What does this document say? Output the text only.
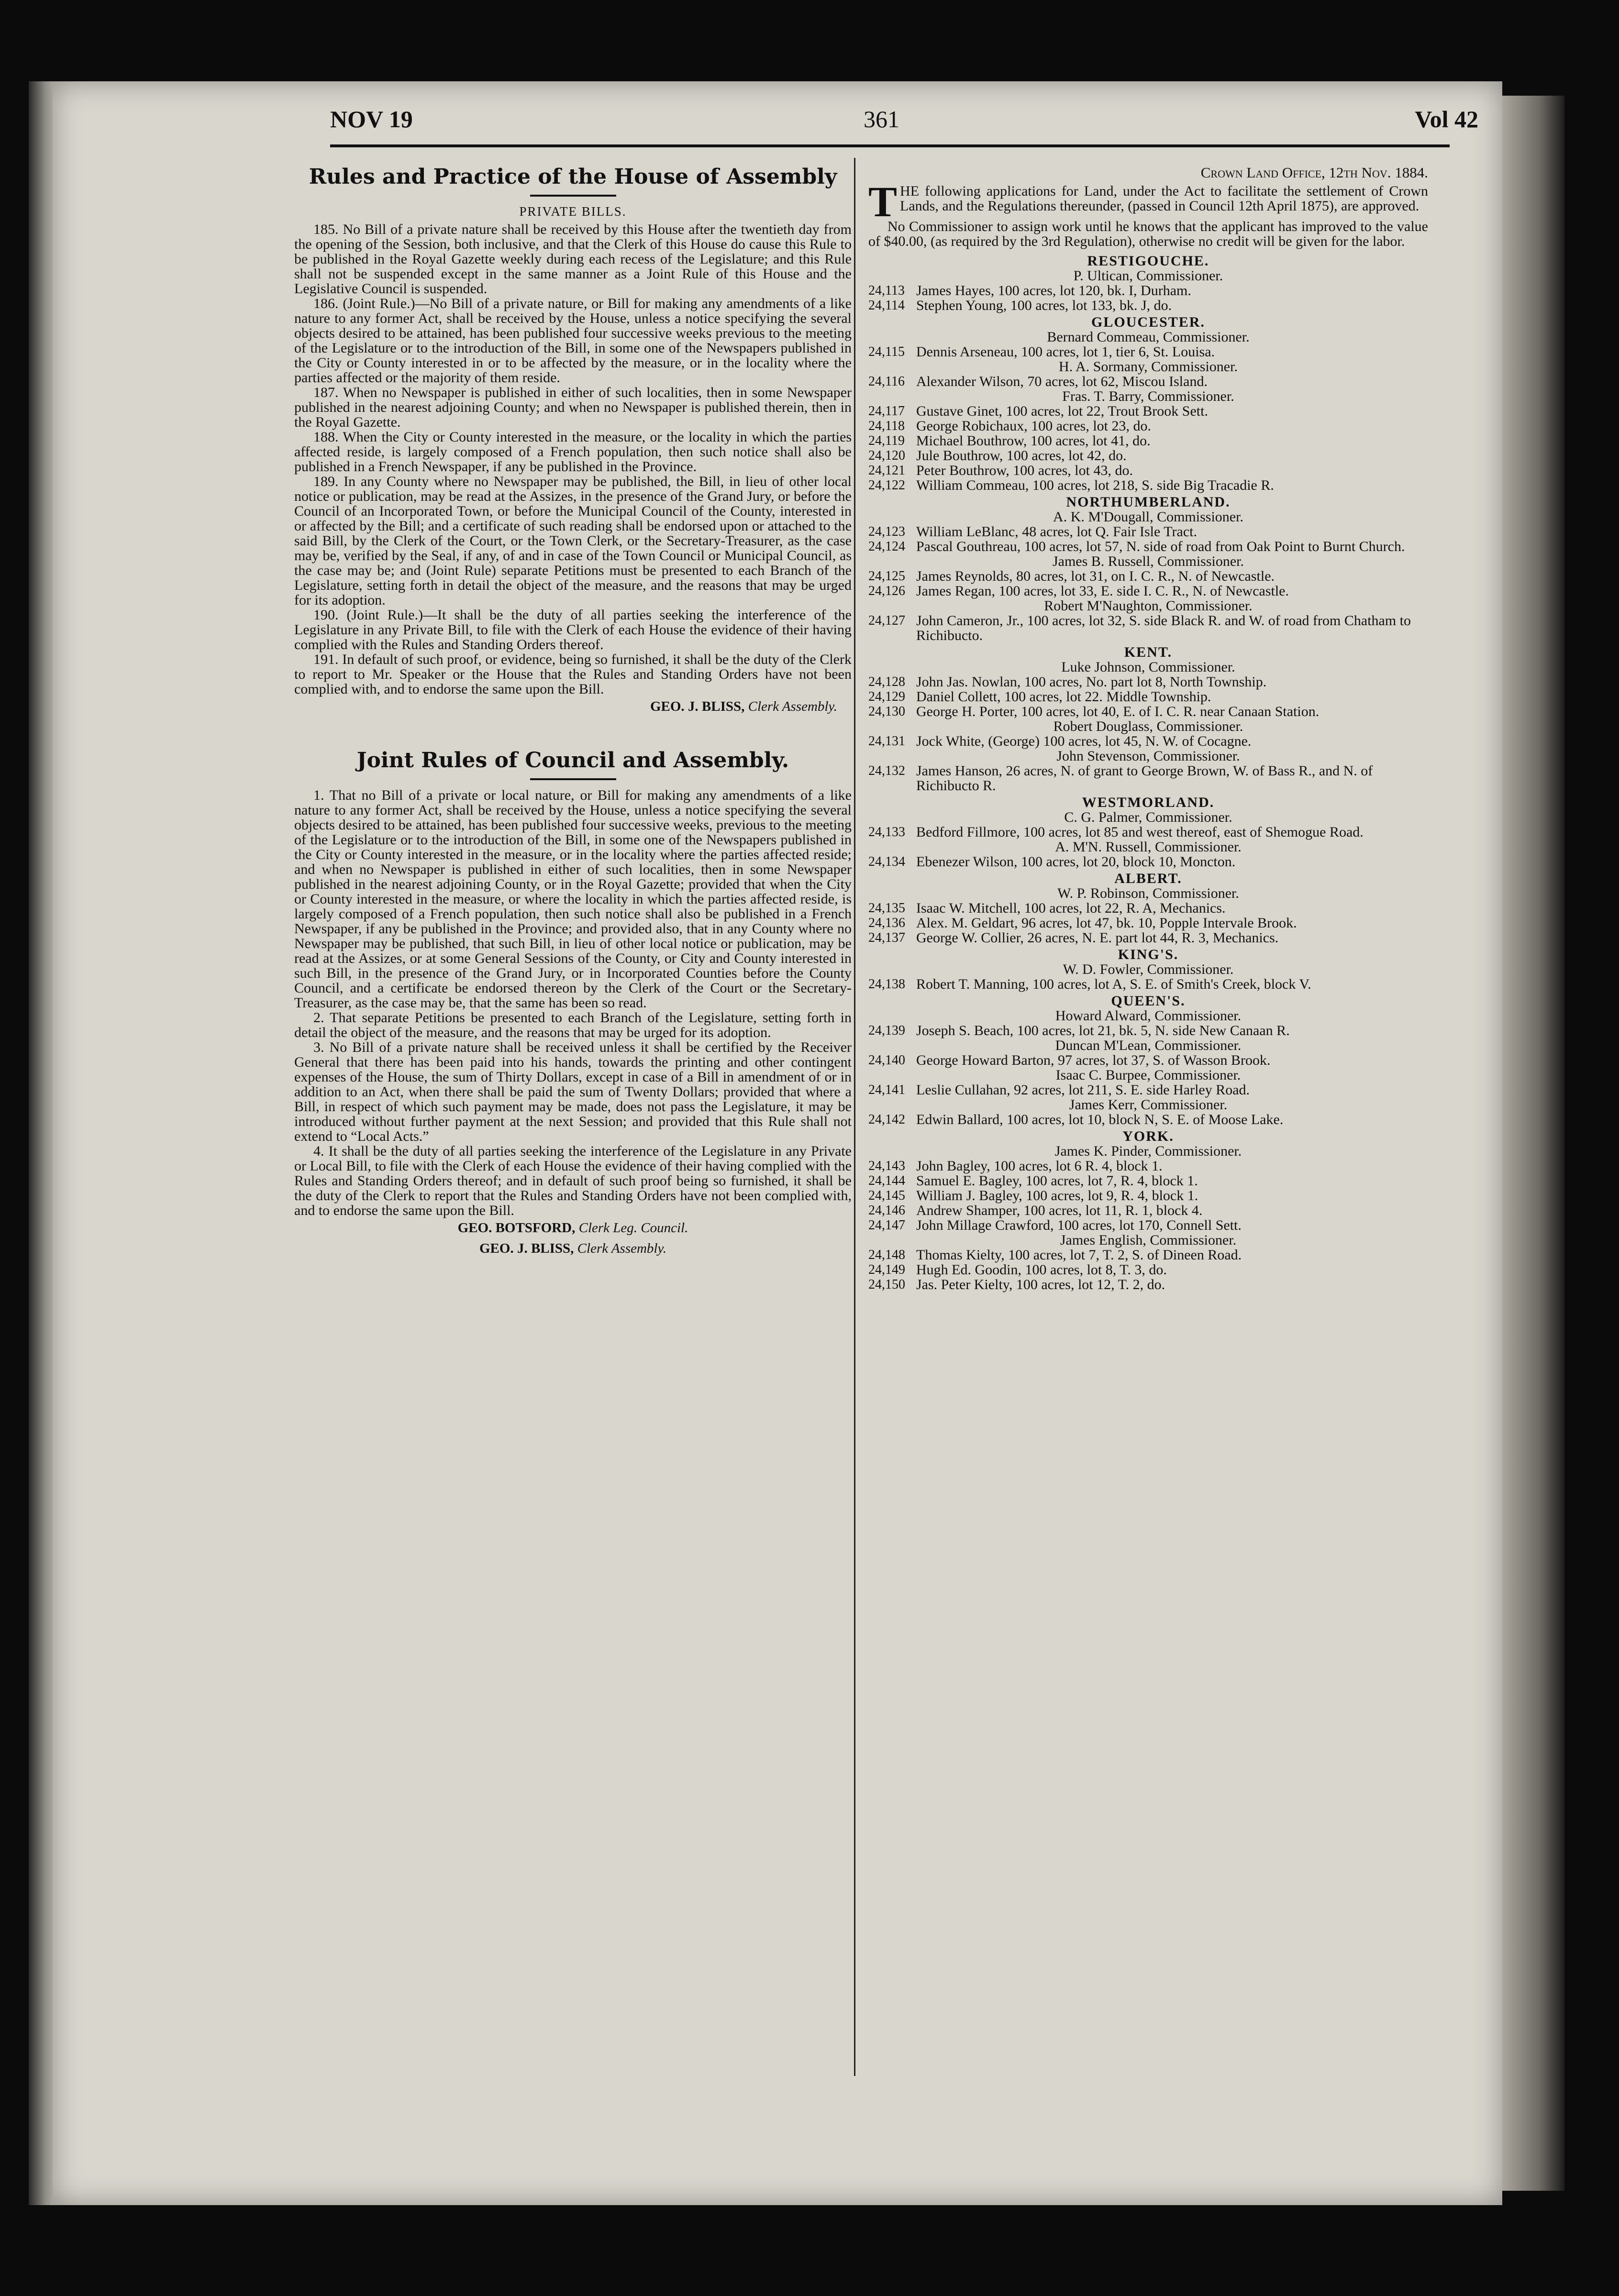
NOV 19	361	Vol 42
Rules and Practice of the House of Assembly
PRIVATE BILLS.

185. No Bill of a private nature shall be received by this House after the twentieth day from the opening of the Session, both inclusive, and that the Clerk of this House do cause this Rule to be published in the Royal Gazette weekly during each recess of the Legislature; and this Rule shall not be suspended except in the same manner as a Joint Rule of this House and the Legislative Council is suspended.

186. (Joint Rule.)—No Bill of a private nature, or Bill for making any amendments of a like nature to any former Act, shall be received by the House, unless a notice specifying the several objects desired to be attained, has been published four successive weeks previous to the meeting of the Legislature or to the introduction of the Bill, in some one of the Newspapers published in the City or County interested in or to be affected by the measure, or in the locality where the parties affected or the majority of them reside.

187. When no Newspaper is published in either of such localities, then in some Newspaper published in the nearest adjoining County; and when no Newspaper is published therein, then in the Royal Gazette.

188. When the City or County interested in the measure, or the locality in which the parties affected reside, is largely composed of a French population, then such notice shall also be published in a French Newspaper, if any be published in the Province.

189. In any County where no Newspaper may be published, the Bill, in lieu of other local notice or publication, may be read at the Assizes, in the presence of the Grand Jury, or before the Council of an Incorporated Town, or before the Municipal Council of the County, interested in or affected by the Bill; and a certificate of such reading shall be endorsed upon or attached to the said Bill, by the Clerk of the Court, or the Town Clerk, or the Secretary-Treasurer, as the case may be, verified by the Seal, if any, of and in case of the Town Council or Municipal Council, as the case may be; and (Joint Rule) separate Petitions must be presented to each Branch of the Legislature, setting forth in detail the object of the measure, and the reasons that may be urged for its adoption.

190. (Joint Rule.)—It shall be the duty of all parties seeking the interference of the Legislature in any Private Bill, to file with the Clerk of each House the evidence of their having complied with the Rules and Standing Orders thereof.

191. In default of such proof, or evidence, being so furnished, it shall be the duty of the Clerk to report to Mr. Speaker or the House that the Rules and Standing Orders have not been complied with, and to endorse the same upon the Bill.

GEO. J. BLISS, Clerk Assembly.
Joint Rules of Council and Assembly.

1. That no Bill of a private or local nature, or Bill for making any amendments of a like nature to any former Act, shall be received by the House, unless a notice specifying the several objects desired to be attained, has been published four successive weeks, previous to the meeting of the Legislature or to the introduction of the Bill, in some one of the Newspapers published in the City or County interested in the measure, or in the locality where the parties affected reside; and when no Newspaper is published in either of such localities, then in some Newspaper published in the nearest adjoining County, or in the Royal Gazette; provided that when the City or County interested in the measure, or where the locality in which the parties affected reside, is largely composed of a French population, then such notice shall also be published in a French Newspaper, if any be published in the Province; and provided also, that in any County where no Newspaper may be published, that such Bill, in lieu of other local notice or publication, may be read at the Assizes, or at some General Sessions of the County, or City and County interested in such Bill, in the presence of the Grand Jury, or in Incorporated Counties before the County Council, and a certificate be endorsed thereon by the Clerk of the Court or the Secretary-Treasurer, as the case may be, that the same has been so read.

2. That separate Petitions be presented to each Branch of the Legislature, setting forth in detail the object of the measure, and the reasons that may be urged for its adoption.

3. No Bill of a private nature shall be received unless it shall be certified by the Receiver General that there has been paid into his hands, towards the printing and other contingent expenses of the House, the sum of Thirty Dollars, except in case of a Bill in amendment of or in addition to an Act, when there shall be paid the sum of Twenty Dollars; provided that where a Bill, in respect of which such payment may be made, does not pass the Legislature, it may be introduced without further payment at the next Session; and provided that this Rule shall not extend to “Local Acts.”

4. It shall be the duty of all parties seeking the interference of the Legislature in any Private or Local Bill, to file with the Clerk of each House the evidence of their having complied with the Rules and Standing Orders thereof; and in default of such proof being so furnished, it shall be the duty of the Clerk to report that the Rules and Standing Orders have not been complied with, and to endorse the same upon the Bill.

GEO. BOTSFORD, Clerk Leg. Council.
GEO. J. BLISS, Clerk Assembly.
Crown Land Office, 12th Nov. 1884.
T HE following applications for Land, under the Act to facilitate the settlement of Crown Lands, and the Regulations thereunder, (passed in Council 12th April 1875), are approved.

No Commissioner to assign work until he knows that the applicant has improved to the value of $40.00, (as required by the 3rd Regulation), otherwise no credit will be given for the labor.

RESTIGOUCHE.
P. Ultican, Commissioner.
24,113 James Hayes, 100 acres, lot 120, bk. I, Durham.
24,114 Stephen Young, 100 acres, lot 133, bk. J, do.
GLOUCESTER.
Bernard Commeau, Commissioner.
24,115 Dennis Arseneau, 100 acres, lot 1, tier 6, St. Louisa.
H. A. Sormany, Commissioner.
24,116 Alexander Wilson, 70 acres, lot 62, Miscou Island.
Fras. T. Barry, Commissioner.
24,117 Gustave Ginet, 100 acres, lot 22, Trout Brook Sett.
24,118 George Robichaux, 100 acres, lot 23, do.
24,119 Michael Bouthrow, 100 acres, lot 41, do.
24,120 Jule Bouthrow, 100 acres, lot 42, do.
24,121 Peter Bouthrow, 100 acres, lot 43, do.
24,122 William Commeau, 100 acres, lot 218, S. side Big Tracadie R.
NORTHUMBERLAND.
A. K. M'Dougall, Commissioner.
24,123 William LeBlanc, 48 acres, lot Q. Fair Isle Tract.
24,124 Pascal Gouthreau, 100 acres, lot 57, N. side of road from Oak Point to Burnt Church.
James B. Russell, Commissioner.
24,125 James Reynolds, 80 acres, lot 31, on I. C. R., N. of Newcastle.
24,126 James Regan, 100 acres, lot 33, E. side I. C. R., N. of Newcastle.
Robert M'Naughton, Commissioner.
24,127 John Cameron, Jr., 100 acres, lot 32, S. side Black R. and W. of road from Chatham to Richibucto.
KENT.
Luke Johnson, Commissioner.
24,128 John Jas. Nowlan, 100 acres, No. part lot 8, North Township.
24,129 Daniel Collett, 100 acres, lot 22. Middle Township.
24,130 George H. Porter, 100 acres, lot 40, E. of I. C. R. near Canaan Station.
Robert Douglass, Commissioner.
24,131 Jock White, (George) 100 acres, lot 45, N. W. of Cocagne.
John Stevenson, Commissioner.
24,132 James Hanson, 26 acres, N. of grant to George Brown, W. of Bass R., and N. of Richibucto R.
WESTMORLAND.
C. G. Palmer, Commissioner.
24,133 Bedford Fillmore, 100 acres, lot 85 and west thereof, east of Shemogue Road.
A. M'N. Russell, Commissioner.
24,134 Ebenezer Wilson, 100 acres, lot 20, block 10, Moncton.
ALBERT.
W. P. Robinson, Commissioner.
24,135 Isaac W. Mitchell, 100 acres, lot 22, R. A, Mechanics.
24,136 Alex. M. Geldart, 96 acres, lot 47, bk. 10, Popple Intervale Brook.
24,137 George W. Collier, 26 acres, N. E. part lot 44, R. 3, Mechanics.
KING'S.
W. D. Fowler, Commissioner.
24,138 Robert T. Manning, 100 acres, lot A, S. E. of Smith's Creek, block V.
QUEEN'S.
Howard Alward, Commissioner.
24,139 Joseph S. Beach, 100 acres, lot 21, bk. 5, N. side New Canaan R.
Duncan M'Lean, Commissioner.
24,140 George Howard Barton, 97 acres, lot 37, S. of Wasson Brook.
Isaac C. Burpee, Commissioner.
24,141 Leslie Cullahan, 92 acres, lot 211, S. E. side Harley Road.
James Kerr, Commissioner.
24,142 Edwin Ballard, 100 acres, lot 10, block N, S. E. of Moose Lake.
YORK.
James K. Pinder, Commissioner.
24,143 John Bagley, 100 acres, lot 6 R. 4, block 1.
24,144 Samuel E. Bagley, 100 acres, lot 7, R. 4, block 1.
24,145 William J. Bagley, 100 acres, lot 9, R. 4, block 1.
24,146 Andrew Shamper, 100 acres, lot 11, R. 1, block 4.
24,147 John Millage Crawford, 100 acres, lot 170, Connell Sett.
James English, Commissioner.
24,148 Thomas Kielty, 100 acres, lot 7, T. 2, S. of Dineen Road.
24,149 Hugh Ed. Goodin, 100 acres, lot 8, T. 3, do.
24,150 Jas. Peter Kielty, 100 acres, lot 12, T. 2, do.
